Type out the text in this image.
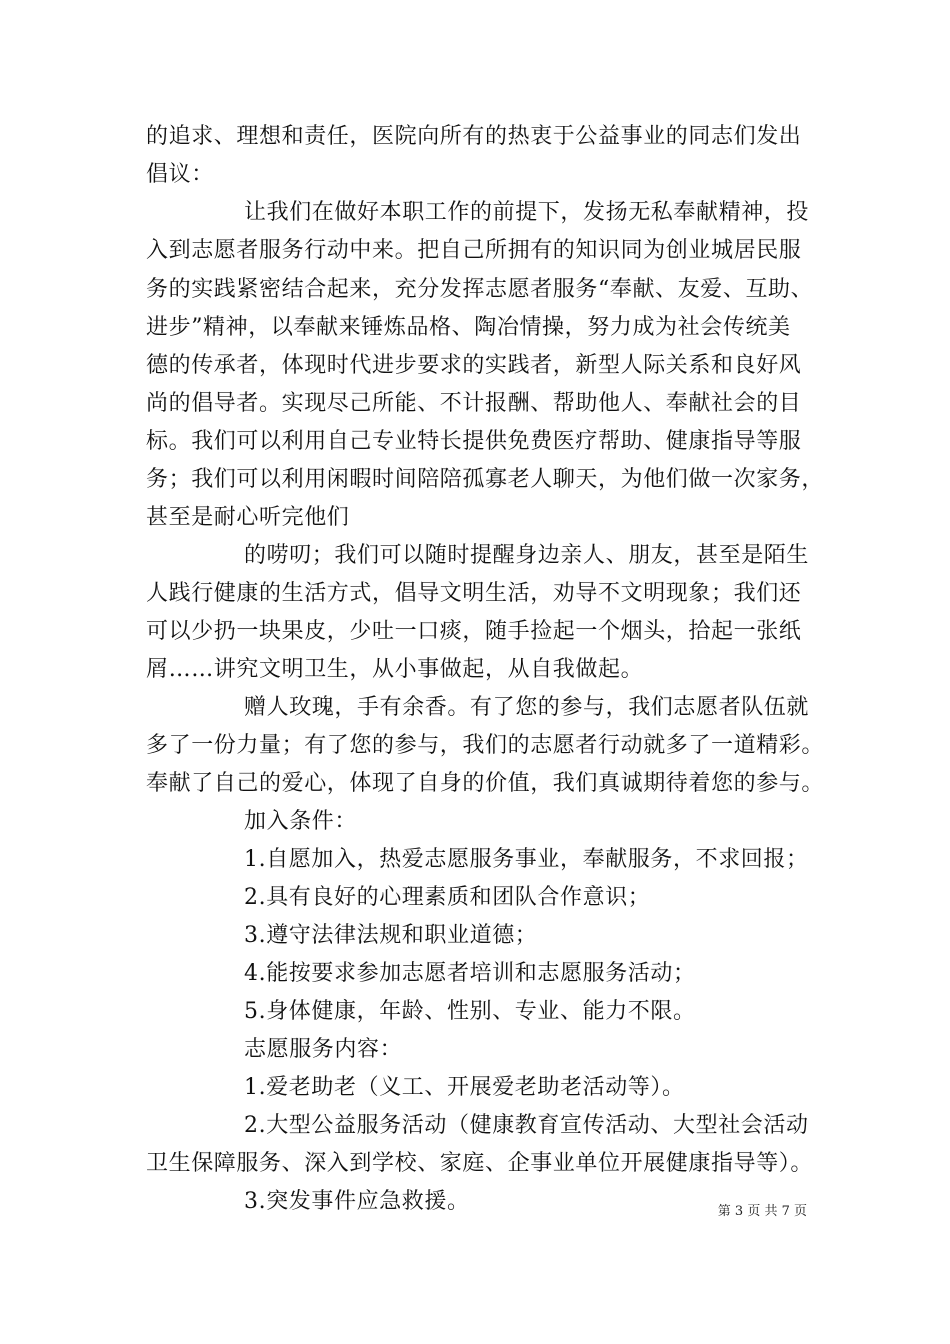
的追求、理想和责任，医院向所有的热衷于公益事业的同志们发出
倡议：
让我们在做好本职工作的前提下，发扬无私奉献精神，投
入到志愿者服务行动中来。把自己所拥有的知识同为创业城居民服
务的实践紧密结合起来，充分发挥志愿者服务“奉献、友爱、互助、
进步”精神，以奉献来锤炼品格、陶冶情操，努力成为社会传统美
德的传承者，体现时代进步要求的实践者，新型人际关系和良好风
尚的倡导者。实现尽己所能、不计报酬、帮助他人、奉献社会的目
标。我们可以利用自己专业特长提供免费医疗帮助、健康指导等服
务；我们可以利用闲暇时间陪陪孤寡老人聊天，为他们做一次家务，
甚至是耐心听完他们
的唠叨；我们可以随时提醒身边亲人、朋友，甚至是陌生
人践行健康的生活方式，倡导文明生活，劝导不文明现象；我们还
可以少扔一块果皮，少吐一口痰，随手捡起一个烟头，拾起一张纸
屑……讲究文明卫生，从小事做起，从自我做起。
赠人玫瑰，手有余香。有了您的参与，我们志愿者队伍就
多了一份力量；有了您的参与，我们的志愿者行动就多了一道精彩。
奉献了自己的爱心，体现了自身的价值，我们真诚期待着您的参与。
加入条件：
1.自愿加入，热爱志愿服务事业，奉献服务，不求回报；
2.具有良好的心理素质和团队合作意识；
3.遵守法律法规和职业道德；
4.能按要求参加志愿者培训和志愿服务活动；
5.身体健康，年龄、性别、专业、能力不限。
志愿服务内容：
1.爱老助老（义工、开展爱老助老活动等）。
2.大型公益服务活动（健康教育宣传活动、大型社会活动
卫生保障服务、深入到学校、家庭、企事业单位开展健康指导等）。
3.突发事件应急救援。	第 3 页 共 7 页
